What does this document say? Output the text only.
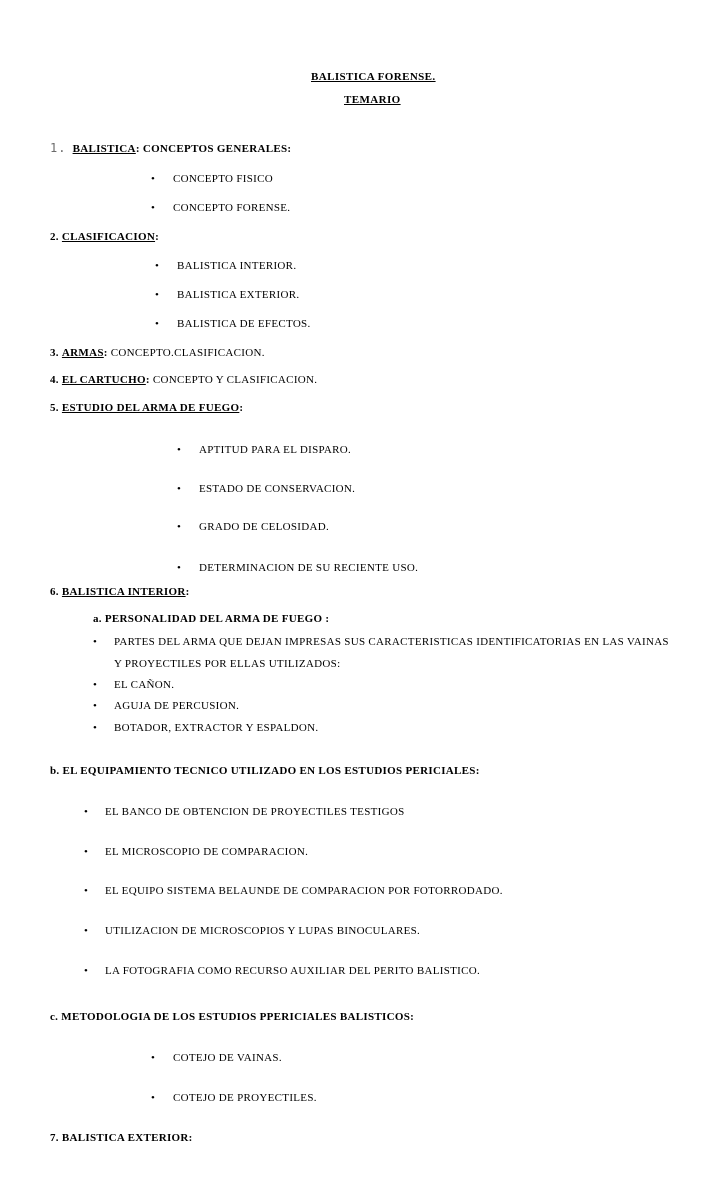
BALISTICA FORENSE.
TEMARIO
1. BALISTICA: CONCEPTOS GENERALES:
• CONCEPTO FISICO
• CONCEPTO FORENSE.
2. CLASIFICACION:
• BALISTICA INTERIOR.
• BALISTICA EXTERIOR.
• BALISTICA DE EFECTOS.
3. ARMAS: CONCEPTO.CLASIFICACION.
4. EL CARTUCHO: CONCEPTO Y CLASIFICACION.
5. ESTUDIO DEL ARMA DE FUEGO:
• APTITUD PARA EL DISPARO.
• ESTADO DE CONSERVACION.
• GRADO DE CELOSIDAD.
• DETERMINACION DE SU RECIENTE USO.
6. BALISTICA INTERIOR:
a. PERSONALIDAD DEL ARMA DE FUEGO :
• PARTES DEL ARMA QUE DEJAN IMPRESAS SUS CARACTERISTICAS IDENTIFICATORIAS EN LAS VAINAS
Y PROYECTILES POR ELLAS UTILIZADOS:
• EL CAÑON.
• AGUJA DE PERCUSION.
• BOTADOR, EXTRACTOR Y ESPALDON.
b. EL EQUIPAMIENTO TECNICO UTILIZADO EN LOS ESTUDIOS PERICIALES:
• EL BANCO DE OBTENCION DE PROYECTILES TESTIGOS
• EL MICROSCOPIO DE COMPARACION.
• EL EQUIPO SISTEMA BELAUNDE DE COMPARACION POR FOTORRODADO.
• UTILIZACION DE MICROSCOPIOS Y LUPAS BINOCULARES.
• LA FOTOGRAFIA COMO RECURSO AUXILIAR DEL PERITO BALISTICO.
c. METODOLOGIA DE LOS ESTUDIOS PPERICIALES BALISTICOS:
• COTEJO DE VAINAS.
• COTEJO DE PROYECTILES.
7. BALISTICA EXTERIOR:
